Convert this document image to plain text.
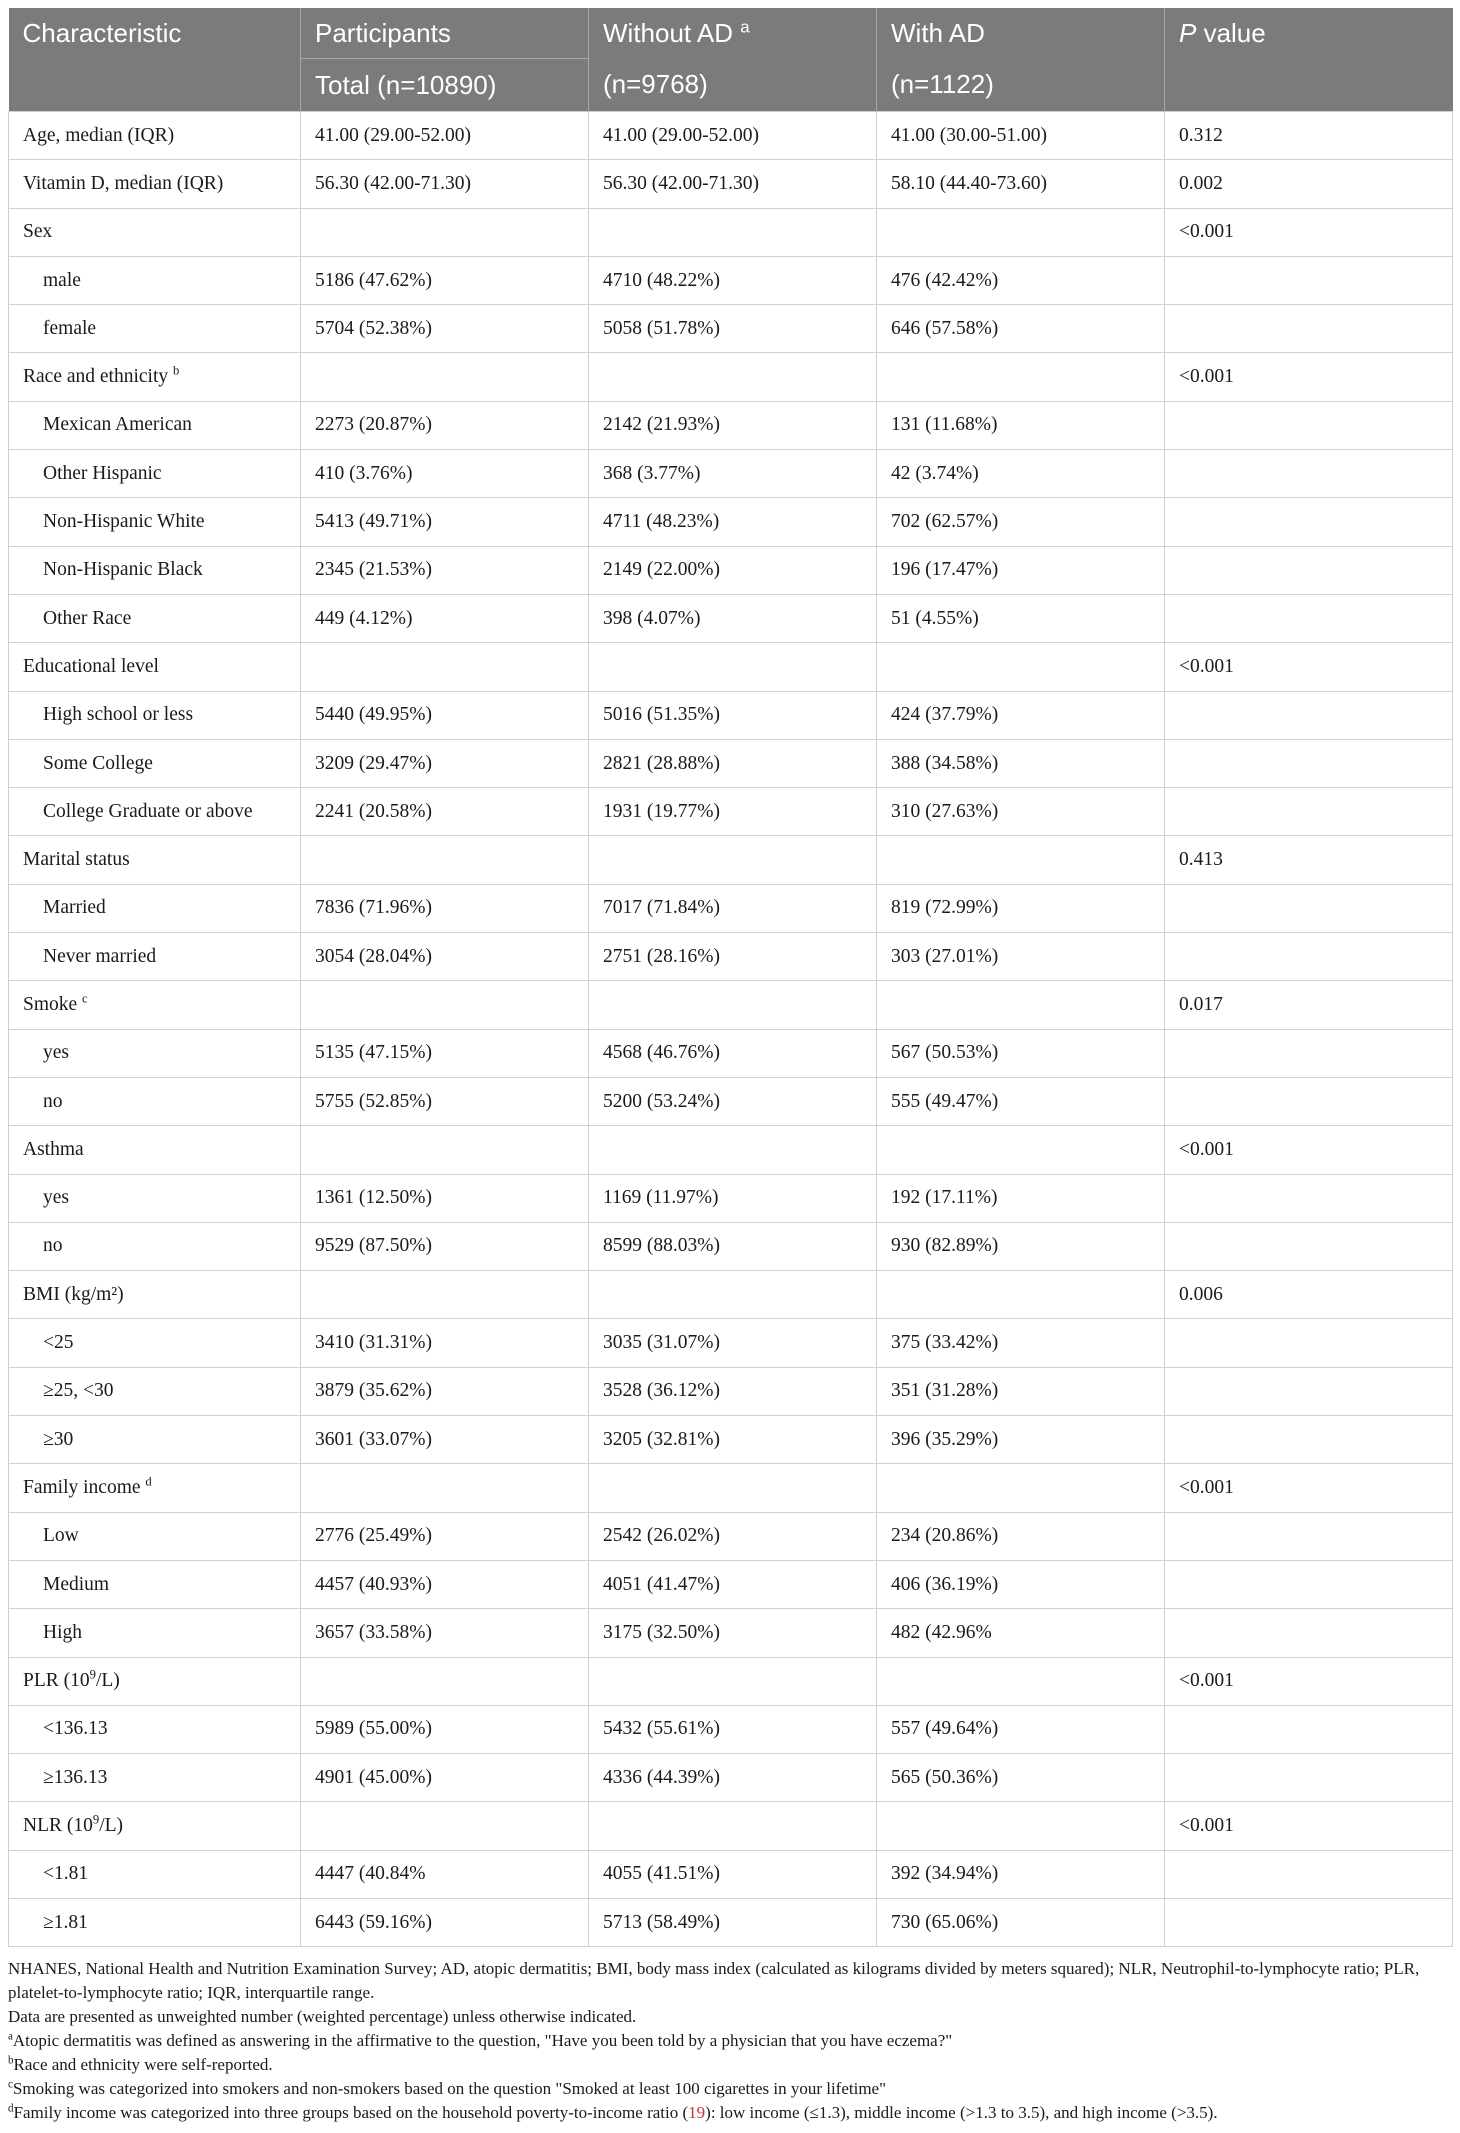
Characteristic	Participants	Without AD $^a$	With AD	P value
	Total (n=10890)	(n=9768)	(n=1122)	
Age, median (IQR)	41.00 (29.00-52.00)	41.00 (29.00-52.00)	41.00 (30.00-51.00)	0.312
Vitamin D, median (IQR)	56.30 (42.00-71.30)	56.30 (42.00-71.30)	58.10 (44.40-73.60)	0.002
Sex				<0.001
male	5186 (47.62%)	4710 (48.22%)	476 (42.42%)	
female	5704 (52.38%)	5058 (51.78%)	646 (57.58%)	
Race and ethnicity $^b$				<0.001
Mexican American	2273 (20.87%)	2142 (21.93%)	131 (11.68%)	
Other Hispanic	410 (3.76%)	368 (3.77%)	42 (3.74%)	
Non-Hispanic White	5413 (49.71%)	4711 (48.23%)	702 (62.57%)	
Non-Hispanic Black	2345 (21.53%)	2149 (22.00%)	196 (17.47%)	
Other Race	449 (4.12%)	398 (4.07%)	51 (4.55%)	
Educational level				<0.001
High school or less	5440 (49.95%)	5016 (51.35%)	424 (37.79%)	
Some College	3209 (29.47%)	2821 (28.88%)	388 (34.58%)	
College Graduate or above	2241 (20.58%)	1931 (19.77%)	310 (27.63%)	
Marital status				0.413
Married	7836 (71.96%)	7017 (71.84%)	819 (72.99%)	
Never married	3054 (28.04%)	2751 (28.16%)	303 (27.01%)	
Smoke $^c$				0.017
yes	5135 (47.15%)	4568 (46.76%)	567 (50.53%)	
no	5755 (52.85%)	5200 (53.24%)	555 (49.47%)	
Asthma				<0.001
yes	1361 (12.50%)	1169 (11.97%)	192 (17.11%)	
no	9529 (87.50%)	8599 (88.03%)	930 (82.89%)	
BMI (kg/m²)				0.006
<25	3410 (31.31%)	3035 (31.07%)	375 (33.42%)	
≥25, <30	3879 (35.62%)	3528 (36.12%)	351 (31.28%)	
≥30	3601 (33.07%)	3205 (32.81%)	396 (35.29%)	
Family income $^d$				<0.001
Low	2776 (25.49%)	2542 (26.02%)	234 (20.86%)	
Medium	4457 (40.93%)	4051 (41.47%)	406 (36.19%)	
High	3657 (33.58%)	3175 (32.50%)	482 (42.96%	
PLR $(10^9/L)$				<0.001
<136.13	5989 (55.00%)	5432 (55.61%)	557 (49.64%)	
≥136.13	4901 (45.00%)	4336 (44.39%)	565 (50.36%)	
NLR $(10^9/L)$				<0.001
<1.81	4447 (40.84%	4055 (41.51%)	392 (34.94%)	
≥1.81	6443 (59.16%)	5713 (58.49%)	730 (65.06%)	

NHANES, National Health and Nutrition Examination Survey; AD, atopic dermatitis; BMI, body mass index (calculated as kilograms divided by meters squared); NLR, Neutrophil-to-lymphocyte ratio; PLR, platelet-to-lymphocyte ratio; IQR, interquartile range.

Data are presented as unweighted number (weighted percentage) unless otherwise indicated.

$^a$Atopic dermatitis was defined as answering in the affirmative to the question, "Have you been told by a physician that you have eczema?"

$^b$Race and ethnicity were self-reported.

$^c$Smoking was categorized into smokers and non-smokers based on the question "Smoked at least 100 cigarettes in your lifetime"

$^d$Family income was categorized into three groups based on the household poverty-to-income ratio (19): low income (≤1.3), middle income (>1.3 to 3.5), and high income (>3.5).
